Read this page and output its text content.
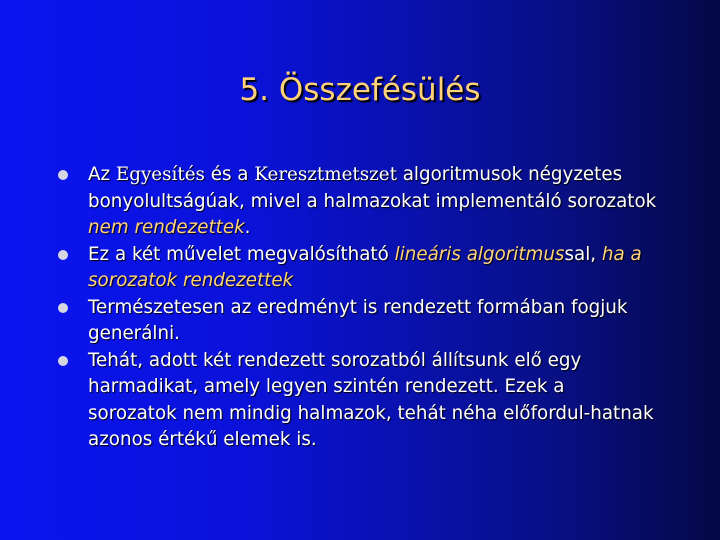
5. Összefésülés
Az Egyesítés és a Keresztmetszet algoritmusok négyzetes bonyolultságúak, mivel a halmazokat implementáló sorozatok nem rendezettek.
Ez a két művelet megvalósítható lineáris algoritmussal, ha a sorozatok rendezettek
Természetesen az eredményt is rendezett formában fogjuk generálni.
Tehát, adott két rendezett sorozatból állítsunk elő egy harmadikat, amely legyen szintén rendezett. Ezek a sorozatok nem mindig halmazok, tehát néha előfordul-hatnak azonos értékű elemek is.
